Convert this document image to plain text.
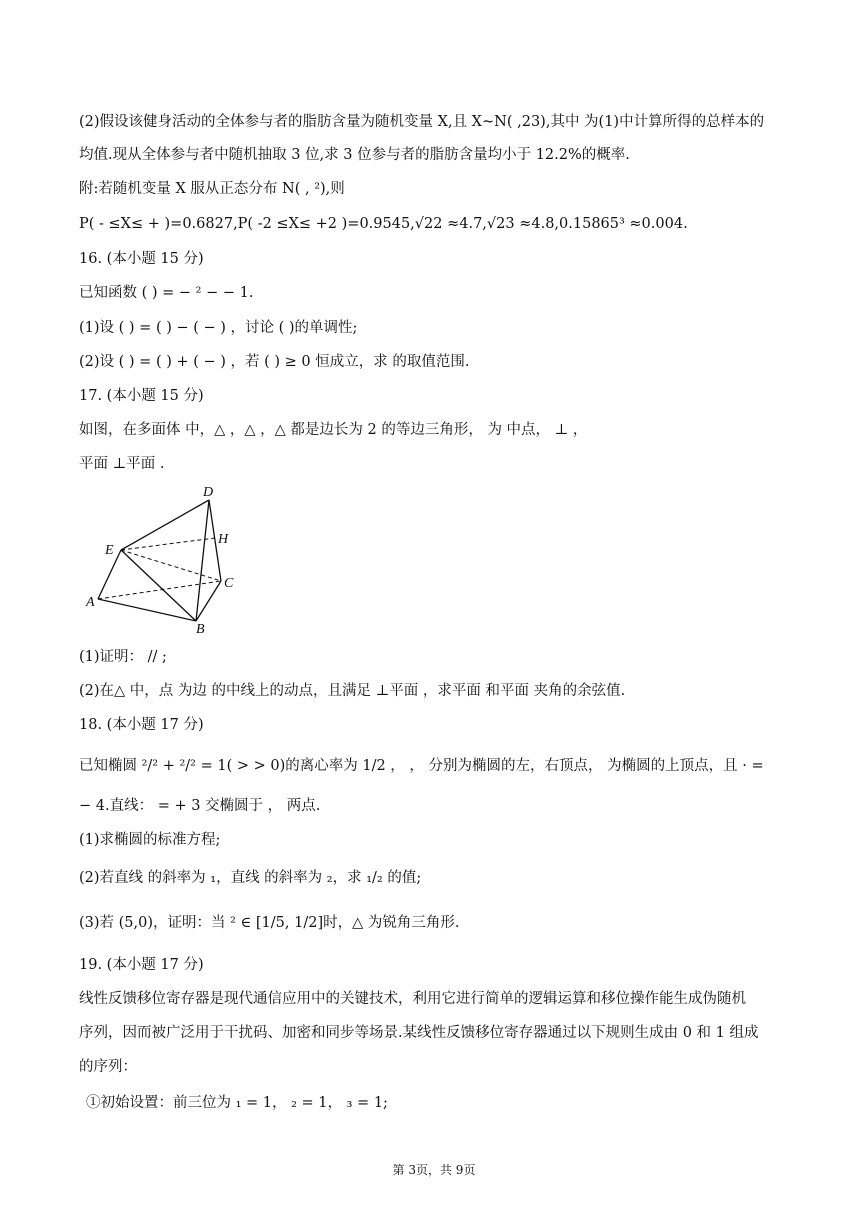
(2)假设该健身活动的全体参与者的脂肪含量为随机变量 X,且 X~N( ,23),其中 为(1)中计算所得的总样本的
均值.现从全体参与者中随机抽取 3 位,求 3 位参与者的脂肪含量均小于 12.2%的概率.
附:若随机变量 X 服从正态分布 N( , ²),则
P( - ≤X≤ + )=0.6827,P( -2 ≤X≤ +2 )=0.9545,√22 ≈4.7,√23 ≈4.8,0.15865³ ≈0.004.
16. (本小题 15 分)
已知函数 ( ) = − ² − − 1.
(1)设 ( ) = ( ) − ( − ) ，讨论 ( )的单调性;
(2)设 ( ) = ( ) + ( − ) ，若 ( ) ≥ 0 恒成立，求 的取值范围.
17. (本小题 15 分)
如图，在多面体 中，△ ，△ ，△ 都是边长为 2 的等边三角形， 为 中点， ⊥ ，
平面 ⊥平面 .
D
H
E
C
A
B
(1)证明： // ;
(2)在△ 中，点 为边 的中线上的动点，且满足 ⊥平面 ，求平面 和平面 夹角的余弦值.
18. (本小题 17 分)
已知椭圆 ²/² + ²/² = 1( > > 0)的离心率为 1/2 ， ， 分别为椭圆的左，右顶点， 为椭圆的上顶点，且 · =
− 4.直线： = + 3 交椭圆于 ， 两点.
(1)求椭圆的标准方程;
(2)若直线 的斜率为 ₁，直线 的斜率为 ₂，求 ₁/₂ 的值;
(3)若 (5,0)，证明：当 ² ∈ [1/5, 1/2]时，△ 为锐角三角形.
19. (本小题 17 分)
线性反馈移位寄存器是现代通信应用中的关键技术，利用它进行简单的逻辑运算和移位操作能生成伪随机
序列，因而被广泛用于干扰码、加密和同步等场景.某线性反馈移位寄存器通过以下规则生成由 0 和 1 组成
的序列：
①初始设置：前三位为 ₁ = 1， ₂ = 1， ₃ = 1;
第 3页，共 9页
